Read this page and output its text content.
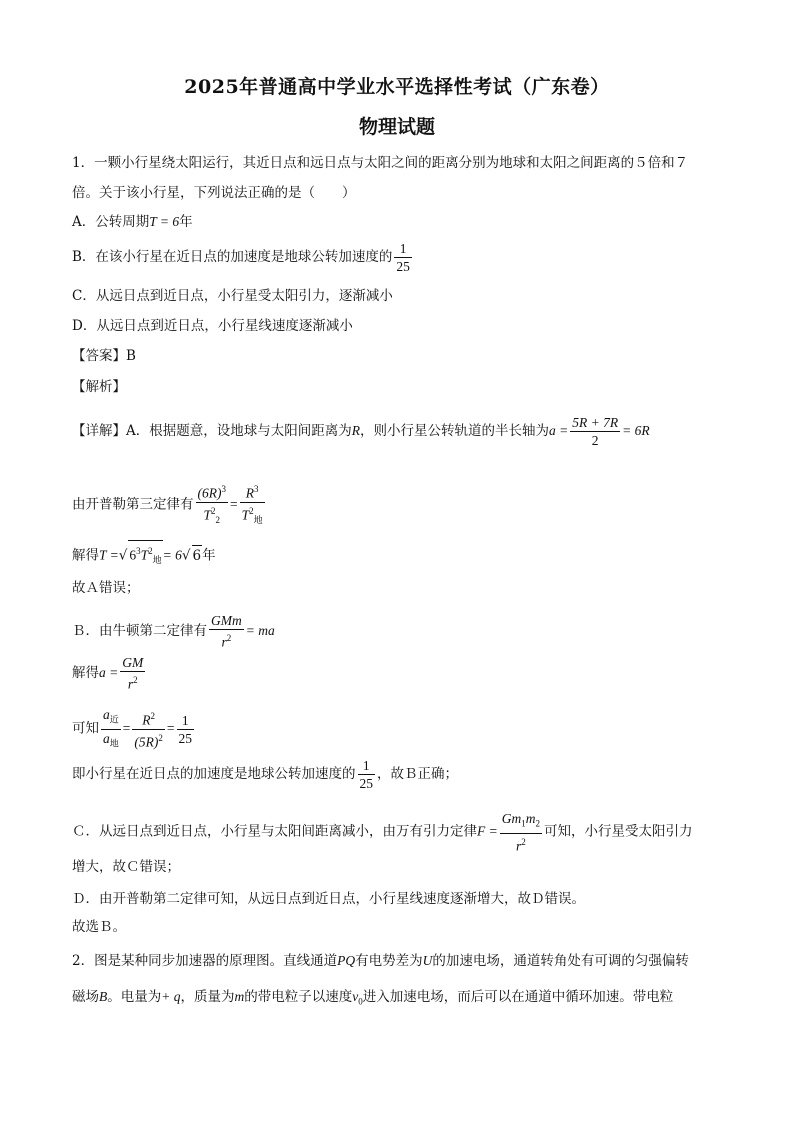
2025年普通高中学业水平选择性考试（广东卷）
物理试题
1．一颗小行星绕太阳运行，其近日点和远日点与太阳之间的距离分别为地球和太阳之间距离的５倍和７
倍。关于该小行星，下列说法正确的是（　　）
A．公转周期T = 6年
B．在该小行星在近日点的加速度是地球公转加速度的 $\frac{1}{25}$
C．从远日点到近日点，小行星受太阳引力，逐渐减小
D．从远日点到近日点，小行星线速度逐渐减小
【答案】B
【解析】
【详解】A．根据题意，设地球与太阳间距离为R，则小行星公转轨道的半长轴为$a = \frac{5R + 7R}{2} = 6R$
由开普勒第三定律有 $\frac{(6R)^3}{T^2_2} = \frac{R^3}{T^2_地}$
解得T =√ $6^3T^2_地= 6√$ 6年
故Ａ错误；
Ｂ．由牛顿第二定律有 $\frac{\text{GMm}}{r^2}$ = ma
解得$a = \frac{GM}{r^2}$
可知 $\frac{a_近}{a_地} = \frac{R^2}{(5R)^2} = \frac{1}{25}$
即小行星在近日点的加速度是地球公转加速度的 $\frac{1}{25}$ ，故Ｂ正确；
Ｃ．从远日点到近日点，小行星与太阳间距离减小，由万有引力定律$F = \frac{Gm_1m_2}{r^2}$ 可知，小行星受太阳引力
增大，故Ｃ错误；
Ｄ．由开普勒第二定律可知，从远日点到近日点，小行星线速度逐渐增大，故Ｄ错误。
故选Ｂ。
2．图是某种同步加速器的原理图。直线通道PQ有电势差为U的加速电场，通道转角处有可调的匀强偏转
磁场B。电量为+ q，质量为m的带电粒子以速度$v_0$进入加速电场，而后可以在通道中循环加速。带电粒
